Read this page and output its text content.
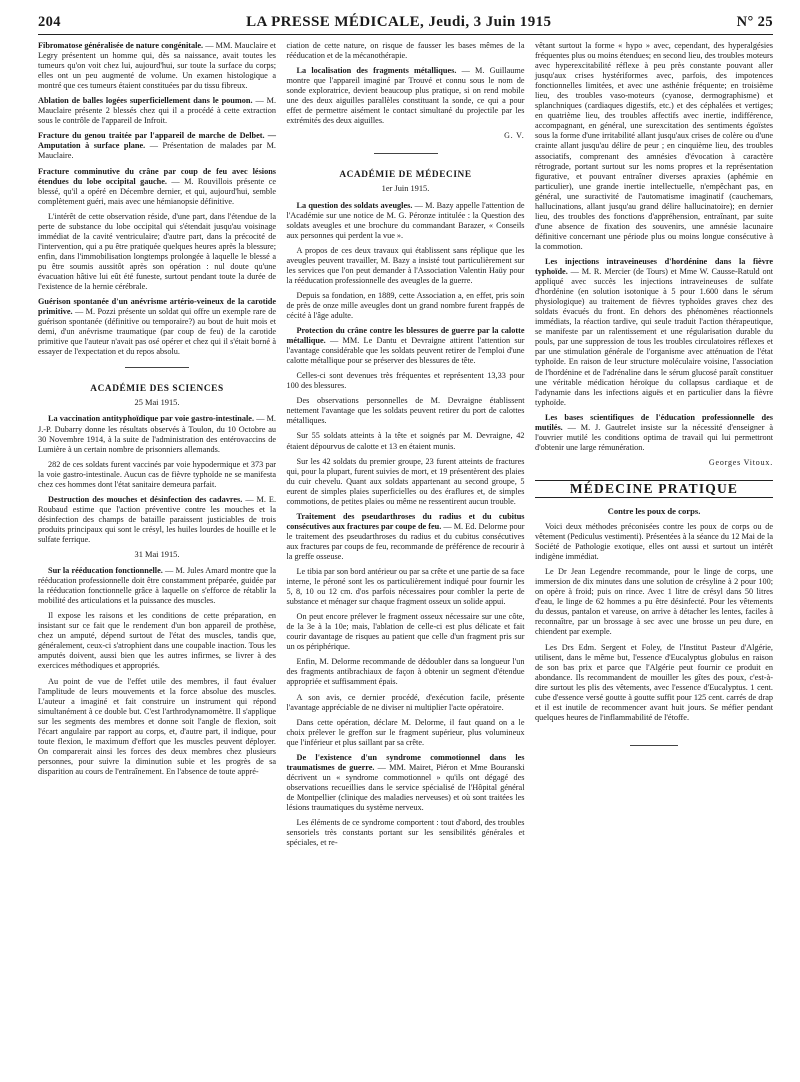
204	LA PRESSE MÉDICALE, Jeudi, 3 Juin 1915	N° 25

Fibromatose généralisée de nature congénitale. — MM. Mauclaire et Legry présentent un homme qui, dès sa naissance, avait toutes les tumeurs qu'on voit chez lui, aujourd'hui, sur toute la surface du corps; elles ont un peu augmenté de volume. Un examen histologique a montré que ces tumeurs étaient constituées par du tissu fibreux.

Ablation de balles logées superficiellement dans le poumon. — M. Mauclaire présente 2 blessés chez qui il a procédé à cette extraction sous le contrôle de l'appareil de Infroit.

Fracture du genou traitée par l'appareil de marche de Delbet. — Amputation à surface plane. — Présentation de malades par M. Mauclaire.

Fracture comminutive du crâne par coup de feu avec lésions étendues du lobe occipital gauche. — M. Rouvillois présente ce blessé, qu'il a opéré en Décembre dernier, et qui, aujourd'hui, semble complètement guéri, mais avec une hémianopsie définitive.

L'intérêt de cette observation réside, d'une part, dans l'étendue de la perte de substance du lobe occipital qui s'étendait jusqu'au voisinage immédiat de la cavité ventriculaire; d'autre part, dans la précocité de l'intervention, qui a pu être pratiquée quelques heures après la blessure; enfin, dans l'immobilisation longtemps prolongée à laquelle le blessé a pu être soumis aussitôt après son opération : nul doute qu'une évacuation hâtive lui eût été funeste, surtout pendant toute la durée de l'existence de la hernie cérébrale.

Guérison spontanée d'un anévrisme artério-veineux de la carotide primitive. — M. Pozzi présente un soldat qui offre un exemple rare de guérison spontanée (définitive ou temporaire?) au bout de huit mois et demi, d'un anévrisme traumatique (par coup de feu) de la carotide primitive que l'auteur n'avait pas osé opérer et chez qui il s'était borné à essayer de l'expectation et du repos absolu.

ACADÉMIE DES SCIENCES
25 Mai 1915.

La vaccination antityphoïdique par voie gastro-intestinale. — M. J.-P. Dubarry donne les résultats observés à Toulon, du 10 Octobre au 30 Novembre 1914, à la suite de l'administration des entérovaccins de Lumière à un certain nombre de prisonniers allemands.

282 de ces soldats furent vaccinés par voie hypodermique et 373 par la voie gastro-intestinale. Aucun cas de fièvre typhoïde ne se manifesta chez ces hommes dont l'état sanitaire demeura parfait.

Destruction des mouches et désinfection des cadavres. — M. E. Roubaud estime que l'action préventive contre les mouches et la désinfection des champs de bataille paraissent justiciables de trois produits principaux qui sont le crésyl, les huiles lourdes de houille et le sulfate ferrique.

31 Mai 1915.

Sur la rééducation fonctionnelle. — M. Jules Amard montre que la rééducation professionnelle doit être constamment préparée, guidée par la rééducation fonctionnelle grâce à laquelle on s'efforce de rétablir la mobilité des articulations et la puissance des muscles.

Il expose les raisons et les conditions de cette préparation, en insistant sur ce fait que le rendement d'un bon appareil de prothèse, chez un amputé, dépend surtout de l'état des muscles, tandis que, généralement, ceux-ci s'atrophient dans une coupable inaction. Tous les amputés doivent, aussi bien que les autres infirmes, se livrer à des exercices méthodiques et appropriés.

Au point de vue de l'effet utile des membres, il faut évaluer l'amplitude de leurs mouvements et la force absolue des muscles. L'auteur a imaginé et fait construire un instrument qui répond simultanément à ce double but. C'est l'arthrodynamomètre. Il s'applique sur les segments des membres et donne soit l'angle de flexion, soit l'écart angulaire par rapport au corps, et, d'autre part, il indique, pour toute flexion, le maximum d'effort que les muscles peuvent déployer. On comparerait ainsi les forces des deux membres chez plusieurs personnes, pour suivre la diminution subie et les progrès de sa disparition au cours de l'entraînement. En l'absence de toute appré-

ciation de cette nature, on risque de fausser les bases mêmes de la rééducation et de la mécanothérapie.

La localisation des fragments métalliques. — M. Guillaume montre que l'appareil imaginé par Trouvé et connu sous le nom de sonde exploratrice, devient beaucoup plus pratique, si on rend mobile une des deux aiguilles parallèles constituant la sonde, ce qui a pour effet de permettre aisément le contact simultané du projectile par les extrémités des deux aiguilles.

G. V.
ACADÉMIE DE MÉDECINE
1er Juin 1915.

La question des soldats aveugles. — M. Bazy appelle l'attention de l'Académie sur une notice de M. G. Péronze intitulée : la Question des soldats aveugles et une brochure du commandant Barazer, « Conseils aux personnes qui perdent la vue ».

A propos de ces deux travaux qui établissent sans réplique que les aveugles peuvent travailler, M. Bazy a insisté tout particulièrement sur les services que l'on peut demander à l'Association Valentin Haüy pour la rééducation professionnelle des aveugles de la guerre.

Depuis sa fondation, en 1889, cette Association a, en effet, pris soin de près de onze mille aveugles dont un grand nombre furent frappés de cécité à l'âge adulte.

Protection du crâne contre les blessures de guerre par la calotte métallique. — MM. Le Dantu et Devraigne attirent l'attention sur l'avantage considérable que les soldats peuvent retirer de l'emploi d'une calotte métallique pour se préserver des blessures de tête.

Celles-ci sont devenues très fréquentes et représentent 13,33 pour 100 des blessures.

Des observations personnelles de M. Devraigne établissent nettement l'avantage que les soldats peuvent retirer du port de calottes métalliques.

Sur 55 soldats atteints à la tête et soignés par M. Devraigne, 42 étaient dépourvus de calotte et 13 en étaient munis.

Sur les 42 soldats du premier groupe, 23 furent atteints de fractures qui, pour la plupart, furent suivies de mort, et 19 présentèrent des plaies du cuir chevelu. Quant aux soldats appartenant au second groupe, 5 eurent de simples plaies superficielles ou des éraflures et, de simples commotions, de petites plaies ou même ne ressentirent aucun trouble.

Traitement des pseudarthroses du radius et du cubitus consécutives aux fractures par coupe de feu. — M. Ed. Delorme pour le traitement des pseudarthroses du radius et du cubitus consécutives aux fractures par coups de feu, recommande de préférence de recourir à la greffe osseuse.

Le tibia par son bord antérieur ou par sa crête et une partie de sa face interne, le péroné sont les os particulièrement indiqué pour fournir les 5, 8, 10 ou 12 cm. d'os parfois nécessaires pour combler la perte de substance et ménager sur chaque fragment osseux un solide appui.

On peut encore prélever le fragment osseux nécessaire sur une côte, de la 3e à la 10e; mais, l'ablation de celle-ci est plus délicate et fait courir davantage de risques au patient que celle d'un fragment pris sur un os périphérique.

Enfin, M. Delorme recommande de dédoubler dans sa longueur l'un des fragments antibrachiaux de façon à obtenir un segment d'étendue appropriée et suffisamment épais.

A son avis, ce dernier procédé, d'exécution facile, présente l'avantage appréciable de ne diviser ni multiplier l'acte opératoire.

Dans cette opération, déclare M. Delorme, il faut quand on a le choix prélever le greffon sur le fragment supérieur, plus volumineux que l'inférieur et plus saillant par sa crête.

De l'existence d'un syndrome commotionnel dans les traumatismes de guerre. — MM. Mairet, Piéron et Mme Bouranski décrivent un « syndrome commotionnel » qu'ils ont dégagé des observations recueillies dans le service spécialisé de l'Hôpital général de Montpellier (clinique des maladies nerveuses) et où sont traitées les lésions traumatiques du système nerveux.

Les éléments de ce syndrome comportent : tout d'abord, des troubles sensoriels très constants portant sur les sensibilités générales et spéciales, et re-

vêtant surtout la forme « hypo » avec, cependant, des hyperalgésies fréquentes plus ou moins étendues; en second lieu, des troubles moteurs avec hyperexcitabilité réflexe à peu près constante pouvant aller jusqu'aux crises hystériformes avec, parfois, des impotences fonctionnelles limitées, et avec une asthénie fréquente; en troisième lieu, des troubles vaso-moteurs (cyanose, dermographisme) et splanchniques (cardiaques digestifs, etc.) et des céphalées et vertiges; en quatrième lieu, des troubles affectifs avec inertie, indifférence, accompagnant, en général, une surexcitation des sentiments égoïstes sous la forme d'une irritabilité allant jusqu'aux crises de colère ou d'une crainte allant jusqu'au délire de peur ; en cinquième lieu, des troubles associatifs, comprenant des amnésies d'évocation à caractère rétrograde, portant surtout sur les noms propres et la représentation figurative, et pouvant entraîner diverses apraxies (aphémie en particulier), une grande inertie intellectuelle, n'empêchant pas, en général, une suractivité de l'automatisme imaginatif (cauchemars, hallucinations, allant jusqu'au grand délire hallucinatoire); en dernier lieu, des troubles des fonctions d'appréhension, entraînant, par suite d'une absence de fixation des souvenirs, une amnésie lacunaire définitive concernant une période plus ou moins longue consécutive à la commotion.

Les injections intraveineuses d'hordénine dans la fièvre typhoïde. — M. R. Mercier (de Tours) et Mme W. Causse-Ratuld ont appliqué avec succès les injections intraveineuses de sulfate d'hordénine (en solution isotonique à 5 pour 1.600 dans le sérum physiologique) au traitement de fièvres typhoïdes graves chez des soldats évacués du front. En dehors des phénomènes réactionnels immédiats, la réaction tardive, qui seule traduit l'action thérapeutique, se manifeste par un ralentissement et une régularisation durable du pouls, par une suppression de tous les troubles circulatoires réflexes et par une stimulation générale de l'organisme avec atténuation de l'état typhoïde. En raison de leur structure moléculaire voisine, l'association de l'hordénine et de l'adrénaline dans le sérum glucosé paraît constituer une véritable médication héroïque du collapsus cardiaque et de l'adynamie dans les infections aiguës et en particulier dans la fièvre typhoïde.

Les bases scientifiques de l'éducation professionnelle des mutilés. — M. J. Gautrelet insiste sur la nécessité d'enseigner à l'ouvrier mutilé les conditions optima de travail qui lui permettront d'obtenir une large rémunération.

Georges Vitoux.
MÉDECINE PRATIQUE
Contre les poux de corps.

Voici deux méthodes préconisées contre les poux de corps ou de vêtement (Pediculus vestimenti). Présentées à la séance du 12 Mai de la Société de Pathologie exotique, elles ont aussi et surtout un intérêt indigène immédiat.

Le Dr Jean Legendre recommande, pour le linge de corps, une immersion de dix minutes dans une solution de crésyline à 2 pour 100; on opère à froid; puis on rince. Avec 1 litre de crésyl dans 50 litres d'eau, le linge de 62 hommes a pu être désinfecté. Pour les vêtements du dessus, pantalon et vareuse, on arrive à détacher les lentes, faciles à reconnaître, par un brossage à sec avec une brosse un peu dure, en chiendent par exemple.

Les Drs Edm. Sergent et Foley, de l'Institut Pasteur d'Algérie, utilisent, dans le même but, l'essence d'Eucalyptus globulus en raison de son bas prix et parce que l'Algérie peut fournir ce produit en abondance. Ils recommandent de mouiller les gîtes des poux, c'est-à-dire surtout les plis des vêtements, avec l'essence d'Eucalyptus. 1 cent. cube d'essence versé goutte à goutte suffit pour 125 cent. carrés de drap et il est inutile de recommencer avant huit jours. Se méfier pendant quelques heures de l'inflammabilité de l'étoffe.
